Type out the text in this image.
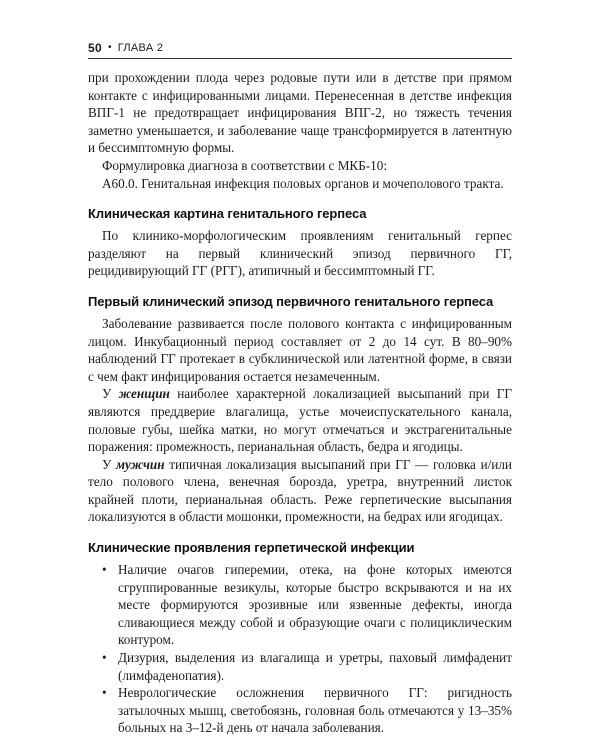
50 • ГЛАВА 2

при прохождении плода через родовые пути или в детстве при прямом контакте с инфицированными лицами. Перенесенная в детстве инфекция ВПГ-1 не предотвращает инфицирования ВПГ-2, но тяжесть течения заметно уменьшается, и заболевание чаще трансформируется в латентную и бессимптомную формы.

Формулировка диагноза в соответствии с МКБ-10:

А60.0. Генитальная инфекция половых органов и мочеполового тракта.

Клиническая картина генитального герпеса

По клинико-морфологическим проявлениям генитальный герпес разделяют на первый клинический эпизод первичного ГГ, рецидивирующий ГГ (РГГ), атипичный и бессимптомный ГГ.

Первый клинический эпизод первичного генитального герпеса

Заболевание развивается после полового контакта с инфицированным лицом. Инкубационный период составляет от 2 до 14 сут. В 80–90% наблюдений ГГ протекает в субклинической или латентной форме, в связи с чем факт инфицирования остается незамеченным.

У женщин наиболее характерной локализацией высыпаний при ГГ являются преддверие влагалища, устье мочеиспускательного канала, половые губы, шейка матки, но могут отмечаться и экстрагенитальные поражения: промежность, перианальная область, бедра и ягодицы.

У мужчин типичная локализация высыпаний при ГГ — головка и/или тело полового члена, венечная борозда, уретра, внутренний листок крайней плоти, перианальная область. Реже герпетические высыпания локализуются в области мошонки, промежности, на бедрах или ягодицах.

Клинические проявления герпетической инфекции
• Наличие очагов гиперемии, отека, на фоне которых имеются сгруппированные везикулы, которые быстро вскрываются и на их месте формируются эрозивные или язвенные дефекты, иногда сливающиеся между собой и образующие очаги с полициклическим контуром.
• Дизурия, выделения из влагалища и уретры, паховый лимфаденит (лимфаденопатия).
• Неврологические осложнения первичного ГГ: ригидность затылочных мышц, светобоязнь, головная боль отмечаются у 13–35% больных на 3–12-й день от начала заболевания.
